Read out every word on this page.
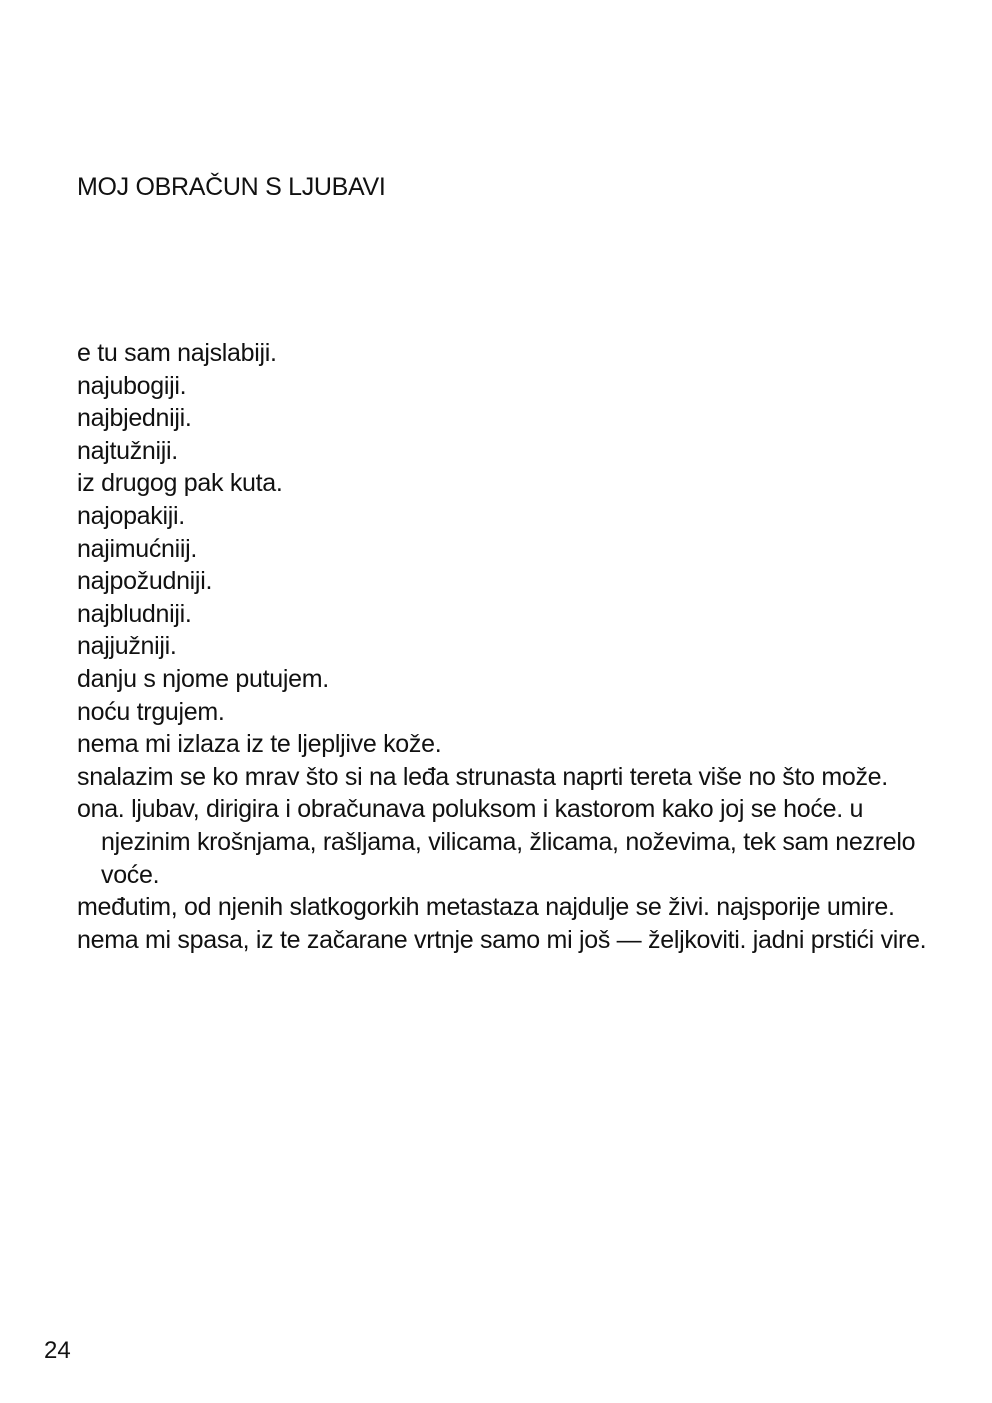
MOJ OBRAČUN S LJUBAVI
e tu sam najslabiji.
najubogiji.
najbjedniji.
najtužniji.
iz drugog pak kuta.
najopakiji.
najimućniij.
najpožudniji.
najbludniji.
najjužniji.
danju s njome putujem.
noću trgujem.
nema mi izlaza iz te ljepljive kože.
snalazim se ko mrav što si na leđa strunasta naprti tereta više no što može.
ona. ljubav, dirigira i obračunava poluksom i kastorom kako joj se hoće. u njezinim krošnjama, rašljama, vilicama, žlicama, noževima, tek sam nezrelo voće.
međutim, od njenih slatkogorkih metastaza najdulje se živi. najsporije umire.
nema mi spasa, iz te začarane vrtnje samo mi još — željkoviti. jadni prstići vire.
24
